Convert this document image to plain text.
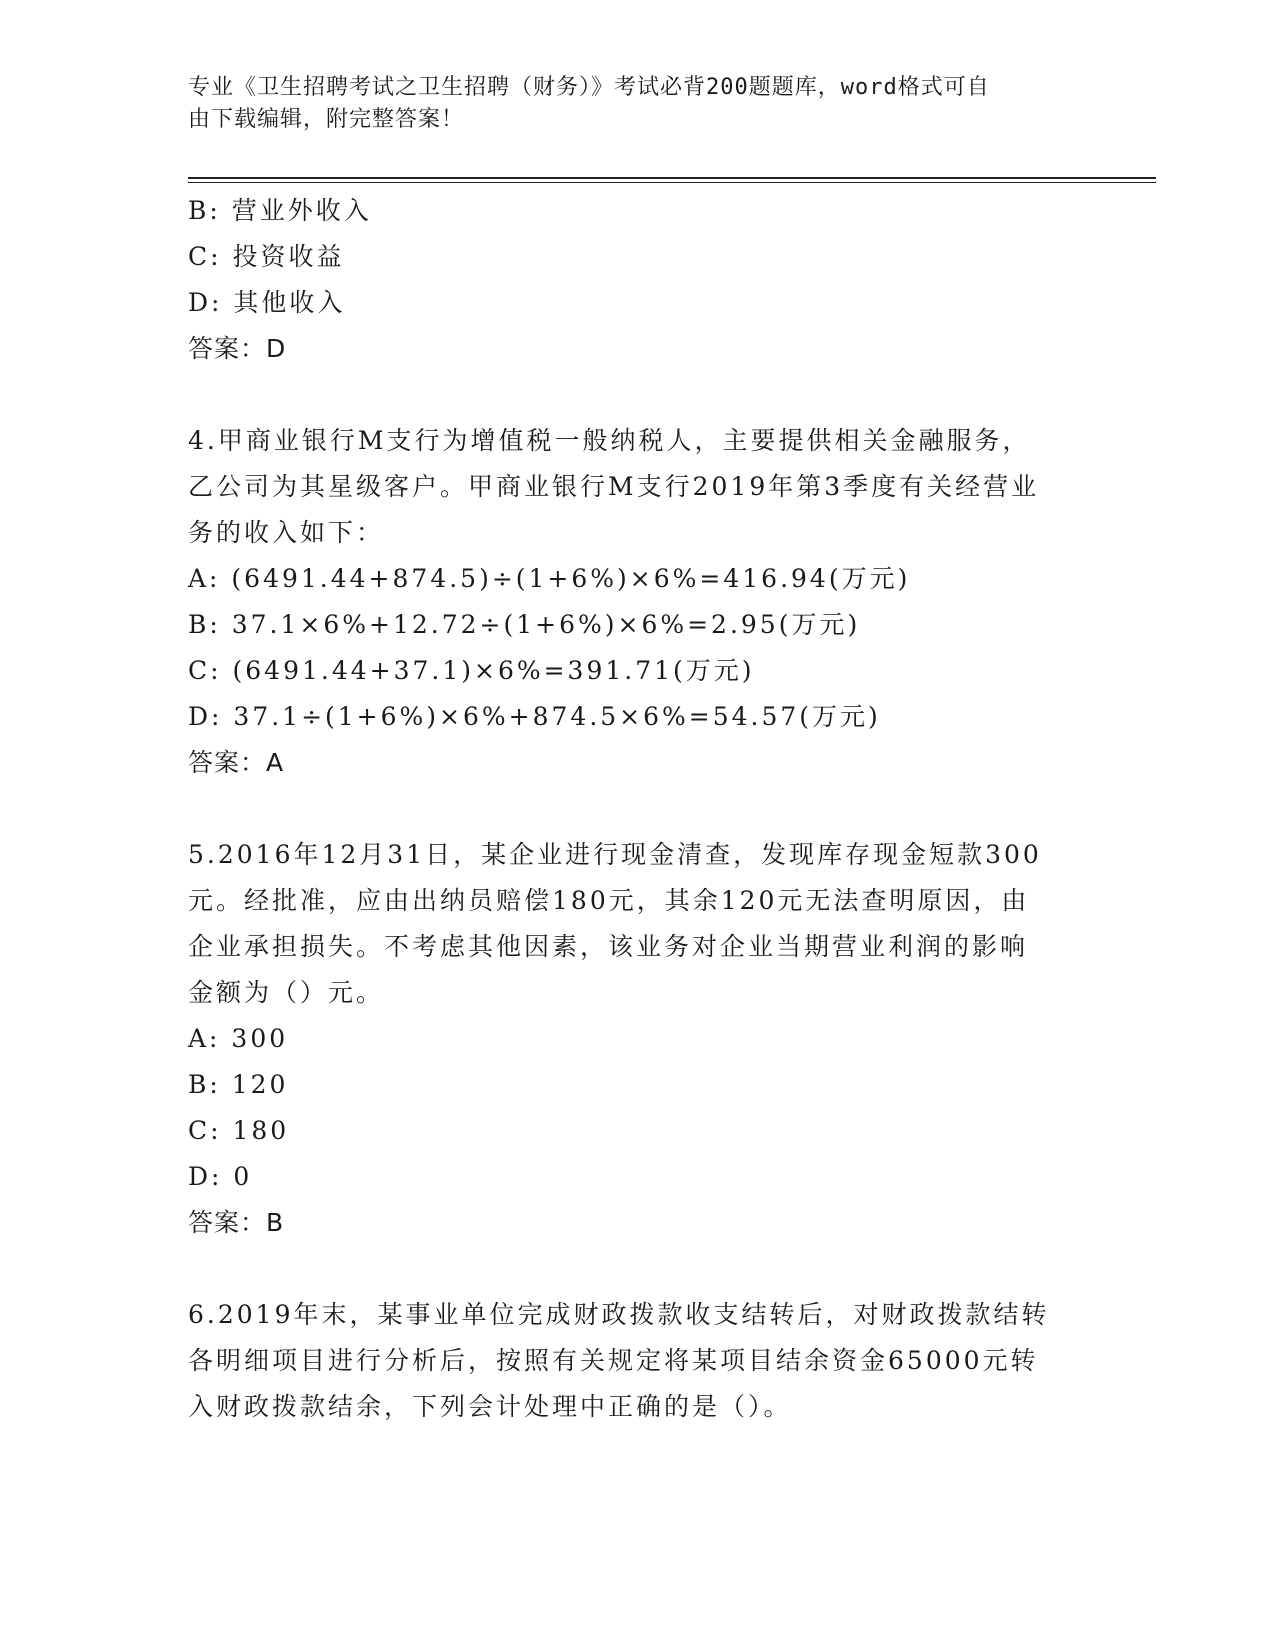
专业《卫生招聘考试之卫生招聘（财务）》考试必背200题题库，word格式可自
由下载编辑，附完整答案！
B: 营业外收入
C: 投资收益
D: 其他收入
答案：D
4.甲商业银行M支行为增值税一般纳税人，主要提供相关金融服务，
乙公司为其星级客户。甲商业银行M支行2019年第3季度有关经营业
务的收入如下：
A: (6491.44+874.5)÷(1+6%)×6%=416.94(万元)
B: 37.1×6%+12.72÷(1+6%)×6%=2.95(万元)
C: (6491.44+37.1)×6%=391.71(万元)
D: 37.1÷(1+6%)×6%+874.5×6%=54.57(万元)
答案：A
5.2016年12月31日，某企业进行现金清查，发现库存现金短款300
元。经批准，应由出纳员赔偿180元，其余120元无法查明原因，由
企业承担损失。不考虑其他因素，该业务对企业当期营业利润的影响
金额为（）元。
A: 300
B: 120
C: 180
D: 0
答案：B
6.2019年末，某事业单位完成财政拨款收支结转后，对财政拨款结转
各明细项目进行分析后，按照有关规定将某项目结余资金65000元转
入财政拨款结余，下列会计处理中正确的是（）。
